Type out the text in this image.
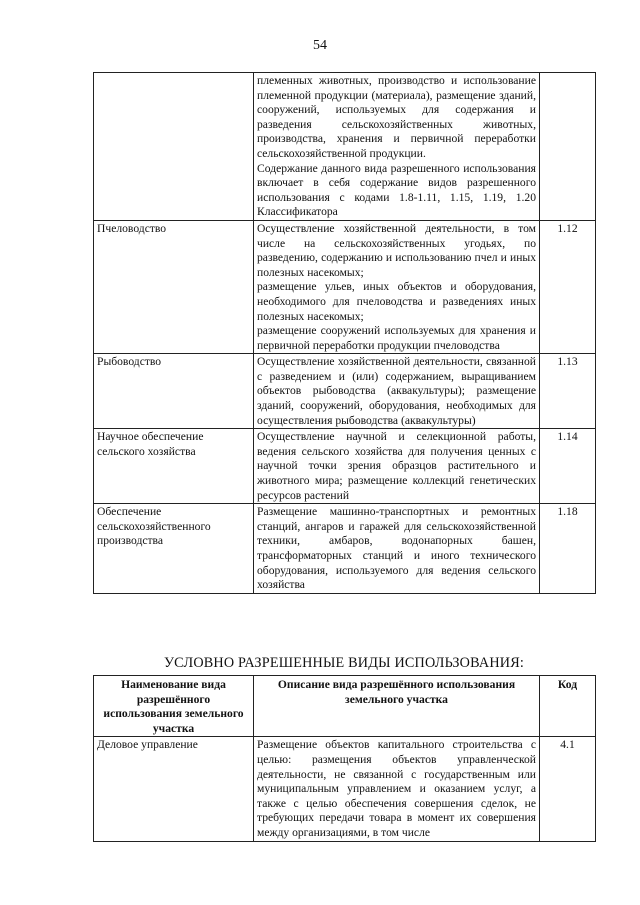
54

	племенных животных, производство и использование племенной продукции (материала), размещение зданий, сооружений, используемых для содержания и разведения сельскохозяйственных животных, производства, хранения и первичной переработки сельскохозяйственной продукции.
Содержание данного вида разрешенного использования включает в себя содержание видов разрешенного использования с кодами 1.8-1.11, 1.15, 1.19, 1.20 Классификатора	

Пчеловодство	Осуществление хозяйственной деятельности, в том числе на сельскохозяйственных угодьях, по разведению, содержанию и использованию пчел и иных полезных насекомых;
размещение ульев, иных объектов и оборудования, необходимого для пчеловодства и разведениях иных полезных насекомых;
размещение сооружений используемых для хранения и первичной переработки продукции пчеловодства	1.12
Рыбоводство	Осуществление хозяйственной деятельности, связанной с разведением и (или) содержанием, выращиванием объектов рыбоводства (аквакультуры); размещение зданий, сооружений, оборудования, необходимых для осуществления рыбоводства (аквакультуры)	1.13
Научное обеспечение сельского хозяйства	Осуществление научной и селекционной работы, ведения сельского хозяйства для получения ценных с научной точки зрения образцов растительного и животного мира; размещение коллекций генетических ресурсов растений	1.14
Обеспечение сельскохозяйственного производства	Размещение машинно-транспортных и ремонтных станций, ангаров и гаражей для сельскохозяйственной техники, амбаров, водонапорных башен, трансформаторных станций и иного технического оборудования, используемого для ведения сельского хозяйства	1.18
УСЛОВНО РАЗРЕШЕННЫЕ ВИДЫ ИСПОЛЬЗОВАНИЯ:
Наименование вида разрешённого использования земельного участка	Описание вида разрешённого использования земельного участка	Код
Деловое управление	Размещение объектов капитального строительства с целью: размещения объектов управленческой деятельности, не связанной с государственным или муниципальным управлением и оказанием услуг, а также с целью обеспечения совершения сделок, не требующих передачи товара в момент их совершения между организациями, в том числе	4.1
